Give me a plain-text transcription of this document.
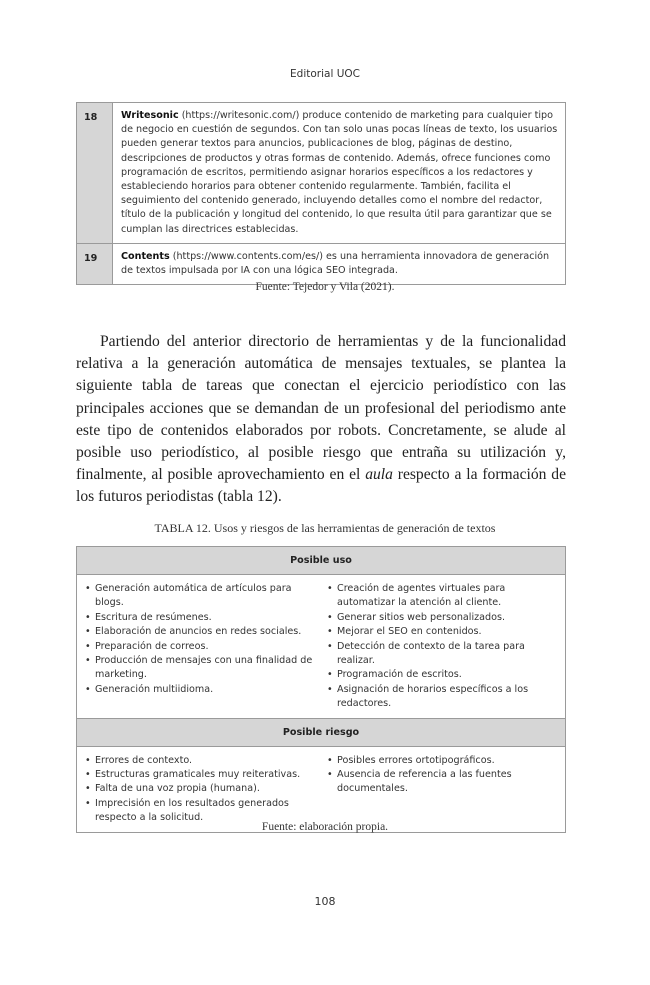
Editorial UOC
18	Writesonic (https://writesonic.com/) produce contenido de marketing para cualquier tipo de negocio en cuestión de segundos. Con tan solo unas pocas líneas de texto, los usuarios pueden generar textos para anuncios, publicaciones de blog, páginas de destino, descripciones de productos y otras formas de contenido. Además, ofrece funciones como programación de escritos, permitiendo asignar horarios específicos a los redactores y estableciendo horarios para obtener contenido regularmente. También, facilita el seguimiento del contenido generado, incluyendo detalles como el nombre del redactor, título de la publicación y longitud del contenido, lo que resulta útil para garantizar que se cumplan las directrices establecidas.
19	Contents (https://www.contents.com/es/) es una herramienta innovadora de generación de textos impulsada por IA con una lógica SEO integrada.
Fuente: Tejedor y Vila (2021).

Partiendo del anterior directorio de herramientas y de la funcionalidad relativa a la generación automática de mensajes textuales, se plantea la siguiente tabla de tareas que conectan el ejercicio periodístico con las principales acciones que se demandan de un profesional del periodismo ante este tipo de contenidos elaborados por robots. Concretamente, se alude al posible uso periodístico, al posible riesgo que entraña su utilización y, finalmente, al posible aprovechamiento en el aula respecto a la formación de los futuros periodistas (tabla 12).

TABLA 12. Usos y riesgos de las herramientas de generación de textos
Posible uso
• Generación automática de artículos para blogs.
• Escritura de resúmenes.
• Elaboración de anuncios en redes sociales.
• Preparación de correos.
• Producción de mensajes con una finalidad de marketing.
• Generación multiidioma.
• Creación de agentes virtuales para automatizar la atención al cliente.
• Generar sitios web personalizados.
• Mejorar el SEO en contenidos.
• Detección de contexto de la tarea para realizar.
• Programación de escritos.
• Asignación de horarios específicos a los redactores.
Posible riesgo
• Errores de contexto.
• Estructuras gramaticales muy reiterativas.
• Falta de una voz propia (humana).
• Imprecisión en los resultados generados respecto a la solicitud.
• Posibles errores ortotipográficos.
• Ausencia de referencia a las fuentes documentales.
Fuente: elaboración propia.
108
